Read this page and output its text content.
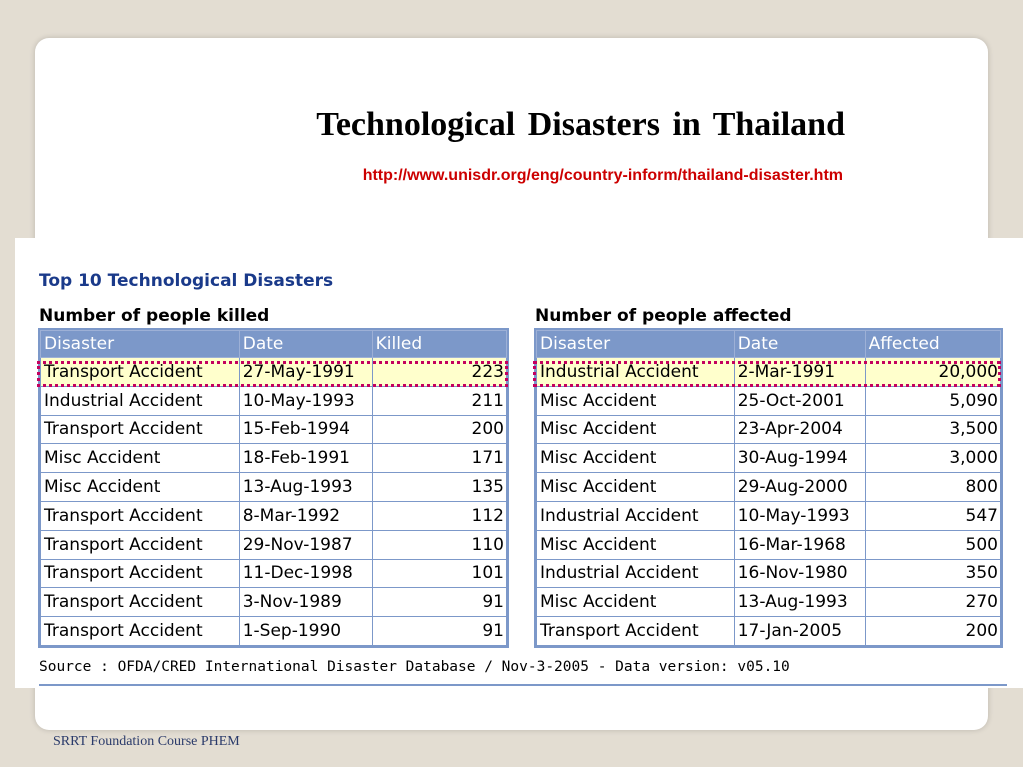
Technological Disasters in Thailand
http://www.unisdr.org/eng/country-inform/thailand-disaster.htm
Top 10 Technological Disasters
Number of people killed
Disaster	Date	Killed
Transport Accident	27-May-1991	223
Industrial Accident	10-May-1993	211
Transport Accident	15-Feb-1994	200
Misc Accident	18-Feb-1991	171
Misc Accident	13-Aug-1993	135
Transport Accident	8-Mar-1992	112
Transport Accident	29-Nov-1987	110
Transport Accident	11-Dec-1998	101
Transport Accident	3-Nov-1989	91
Transport Accident	1-Sep-1990	91
Number of people affected
Disaster	Date	Affected
Industrial Accident	2-Mar-1991	20,000
Misc Accident	25-Oct-2001	5,090
Misc Accident	23-Apr-2004	3,500
Misc Accident	30-Aug-1994	3,000
Misc Accident	29-Aug-2000	800
Industrial Accident	10-May-1993	547
Misc Accident	16-Mar-1968	500
Industrial Accident	16-Nov-1980	350
Misc Accident	13-Aug-1993	270
Transport Accident	17-Jan-2005	200
Source : OFDA/CRED International Disaster Database / Nov-3-2005 - Data version: v05.10
SRRT Foundation Course PHEM
